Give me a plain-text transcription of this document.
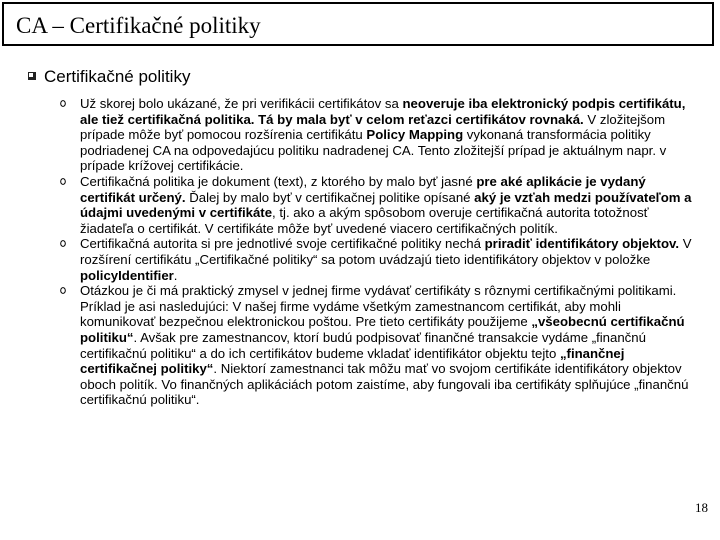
CA – Certifikačné politiky
Certifikačné politiky

Už skorej bolo ukázané, že pri verifikácii certifikátov sa neoveruje iba elektronický podpis certifikátu, ale tiež certifikačná politika. Tá by mala byť v celom reťazci certifikátov rovnaká. V zložitejšom prípade môže byť pomocou rozšírenia certifikátu Policy Mapping vykonaná transformácia politiky podriadenej CA na odpovedajúcu politiku nadradenej CA. Tento zložitejší prípad je aktuálnym napr. v prípade krížovej certifikácie.

Certifikačná politika je dokument (text), z ktorého by malo byť jasné pre aké aplikácie je vydaný certifikát určený. Ďalej by malo byť v certifikačnej politike opísané aký je vzťah medzi používateľom a údajmi uvedenými v certifikáte, tj. ako a akým spôsobom overuje certifikačná autorita totožnosť žiadateľa o certifikát. V certifikáte môže byť uvedené viacero certifikačných politík.

Certifikačná autorita si pre jednotlivé svoje certifikačné politiky nechá priradiť identifikátory objektov. V rozšírení certifikátu „Certifikačné politiky“ sa potom uvádzajú tieto identifikátory objektov v položke policyIdentifier.

Otázkou je či má praktický zmysel v jednej firme vydávať certifikáty s rôznymi certifikačnými politikami. Príklad je asi nasledujúci: V našej firme vydáme všetkým zamestnancom certifikát, aby mohli komunikovať bezpečnou elektronickou poštou. Pre tieto certifikáty použijeme „všeobecnú certifikačnú politiku“. Avšak pre zamestnancov, ktorí budú podpisovať finančné transakcie vydáme „finančnú certifikačnú politiku“ a do ich certifikátov budeme vkladať identifikátor objektu tejto „finančnej certifikačnej politiky“. Niektorí zamestnanci tak môžu mať vo svojom certifikáte identifikátory objektov oboch politík. Vo finančných aplikáciách potom zaistíme, aby fungovali iba certifikáty splňujúce „finančnú certifikačnú politiku“.

18
